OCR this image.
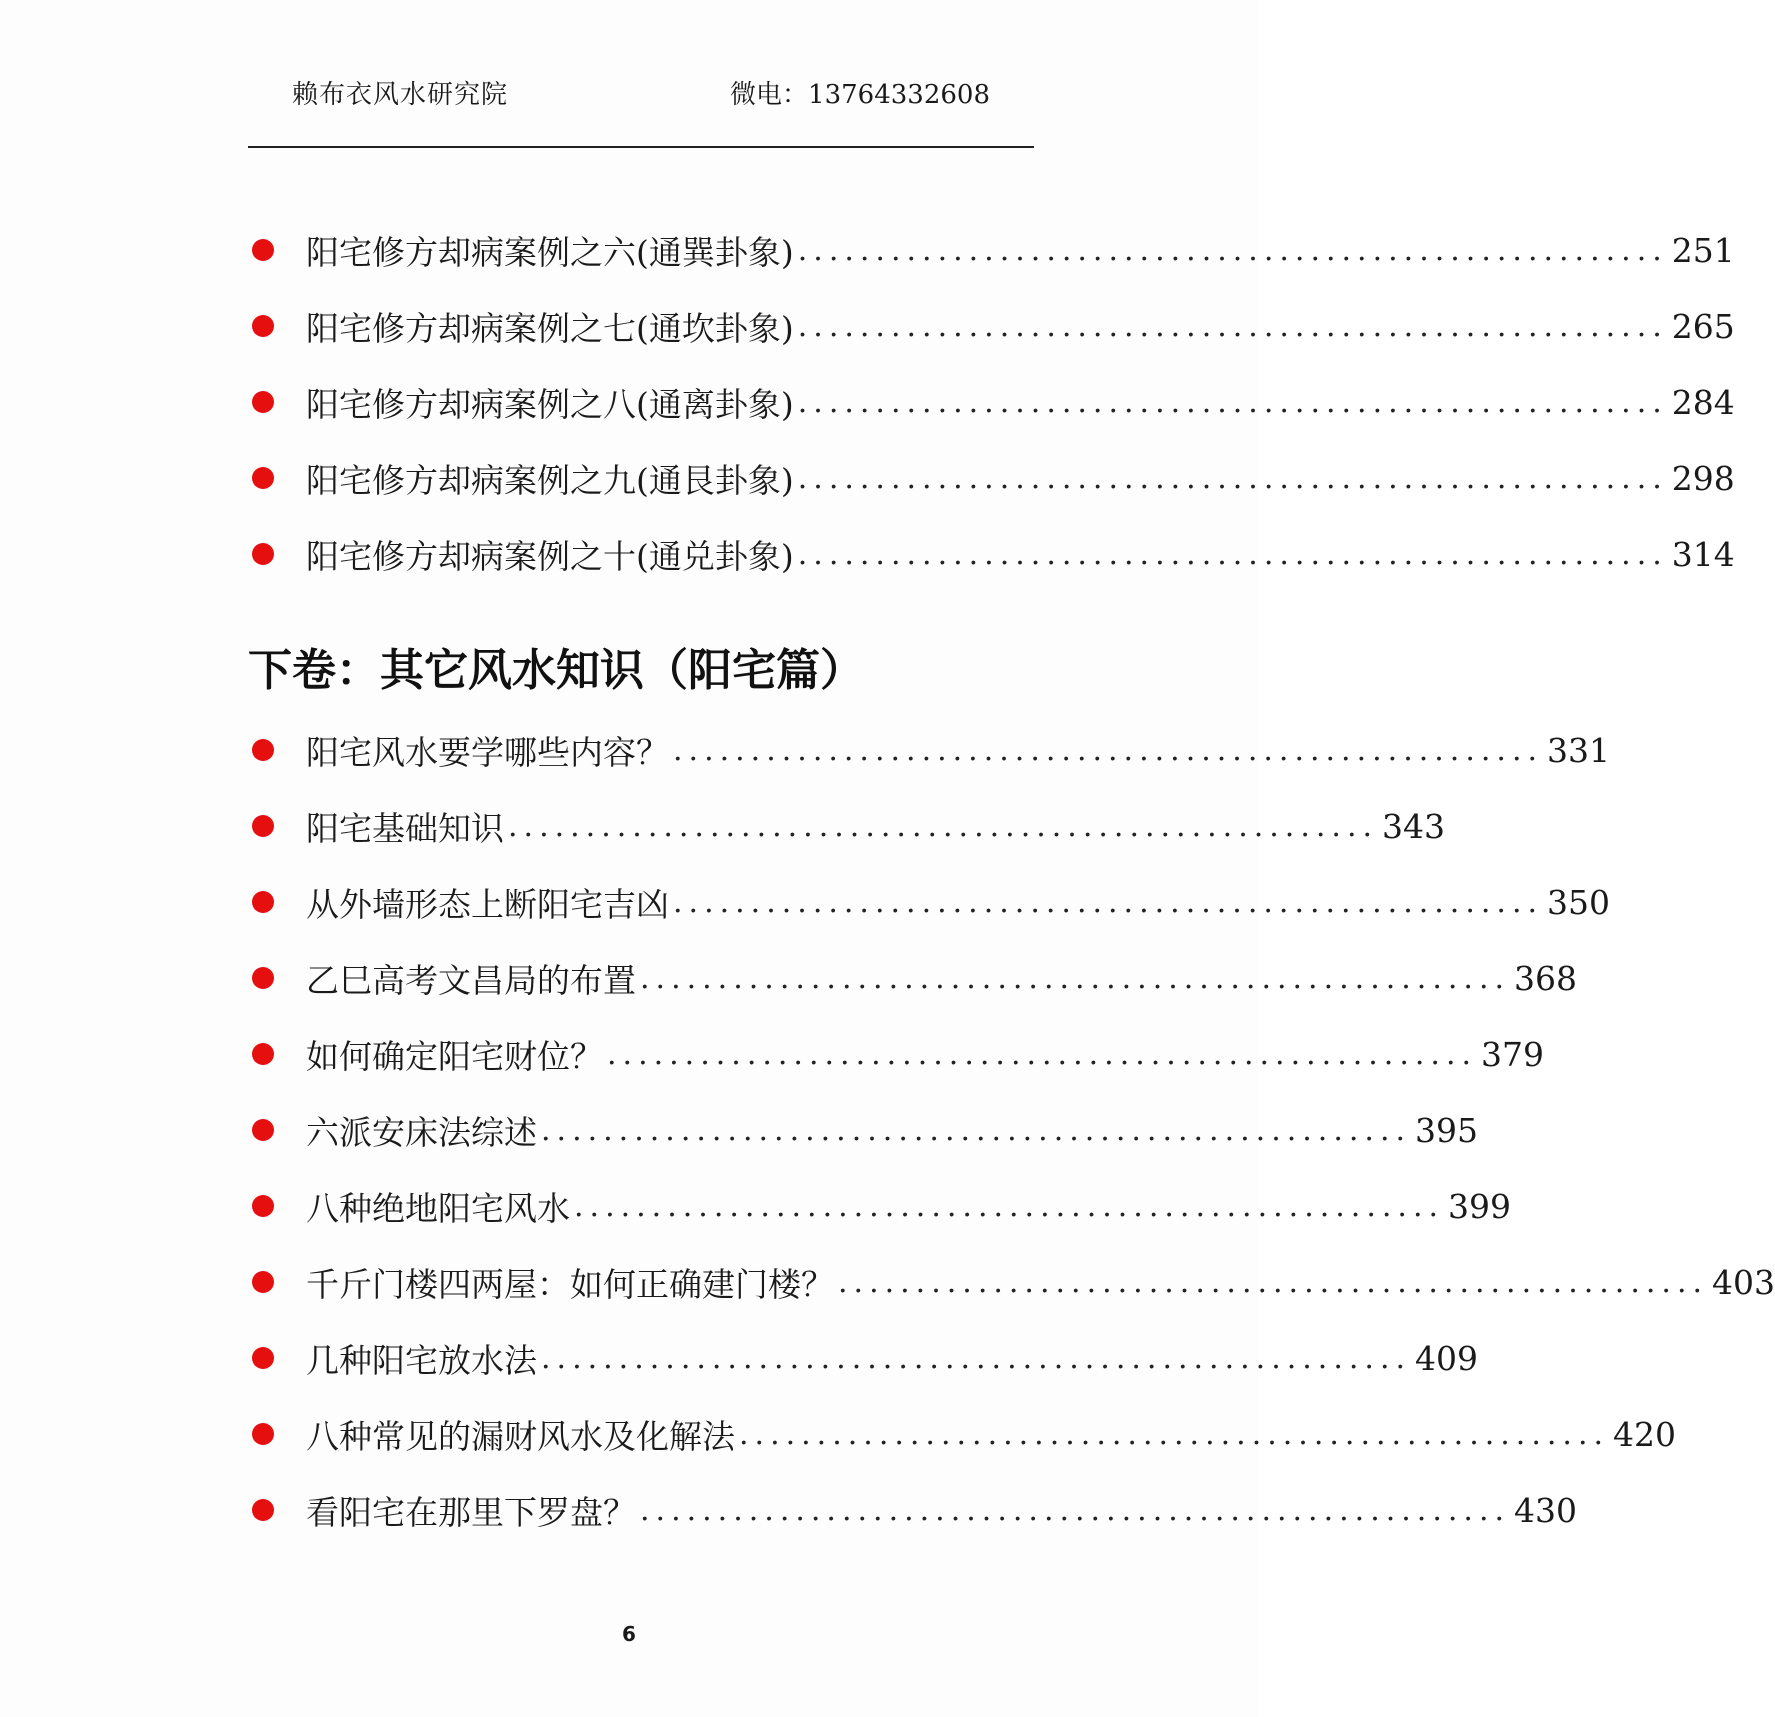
赖布衣风水研究院	微电：13764332608
阳宅修方却病案例之六(通巽卦象) ........................................................ 251
阳宅修方却病案例之七(通坎卦象) ........................................................ 265
阳宅修方却病案例之八(通离卦象) ........................................................ 284
阳宅修方却病案例之九(通艮卦象) ........................................................ 298
阳宅修方却病案例之十(通兑卦象) ........................................................ 314
下卷：其它风水知识（阳宅篇）
阳宅风水要学哪些内容？ ........................................................ 331
阳宅基础知识 ........................................................ 343
从外墙形态上断阳宅吉凶 ........................................................ 350
乙巳高考文昌局的布置 ........................................................ 368
如何确定阳宅财位？ ........................................................ 379
六派安床法综述 ........................................................ 395
八种绝地阳宅风水 ........................................................ 399
千斤门楼四两屋：如何正确建门楼？ ........................................................ 403
几种阳宅放水法 ........................................................ 409
八种常见的漏财风水及化解法 ........................................................ 420
看阳宅在那里下罗盘？ ........................................................ 430
6
